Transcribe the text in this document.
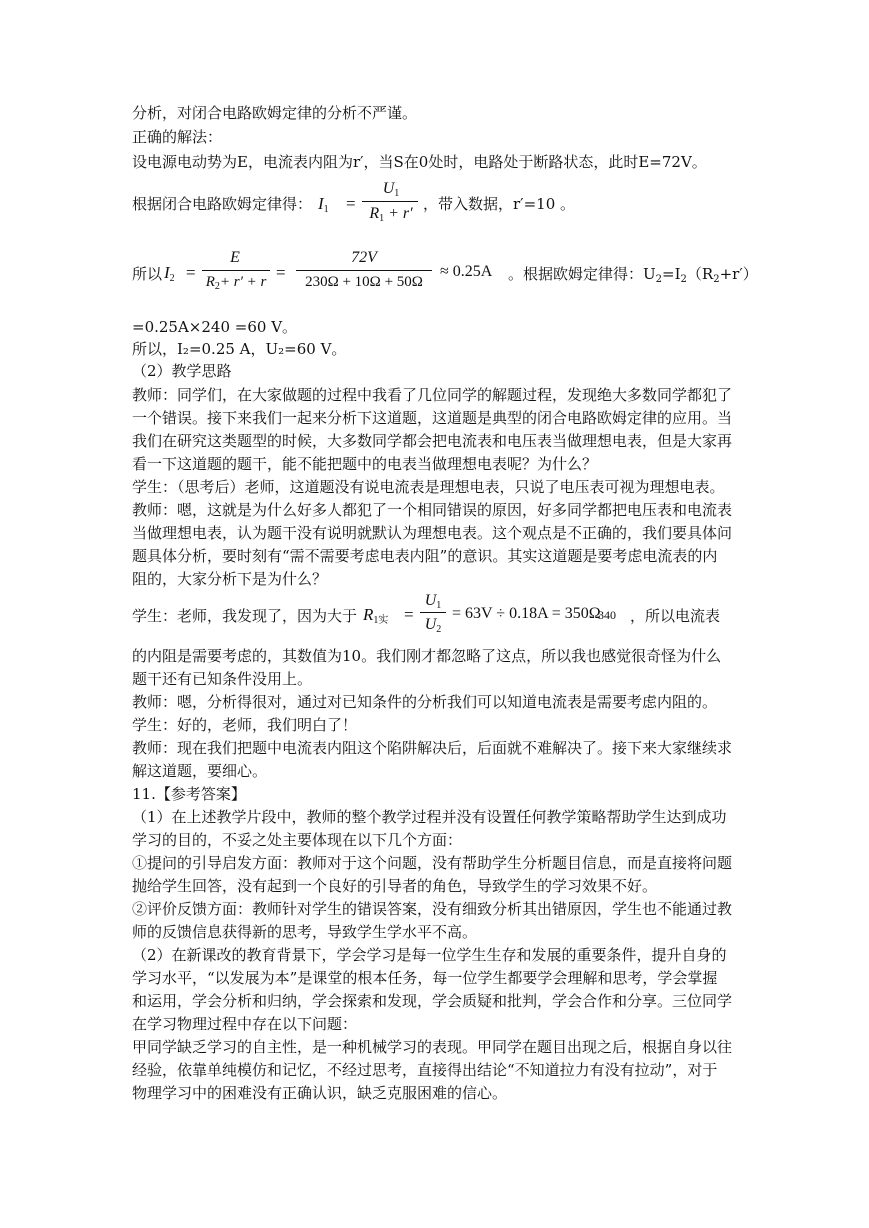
分析，对闭合电路欧姆定律的分析不严谨。
正确的解法：
设电源电动势为E，电流表内阻为r′，当S在0处时，电路处于断路状态，此时E=72V。
根据闭合电路欧姆定律得： $I_1$ =
$U_1$
$R_1 + r'$
，带入数据，r′=10 。
所以 $I_2$ =
E
$R_2+ r' + r$ =
72V
230Ω + 10Ω + 50Ω
≈ 0.25A 。根据欧姆定律得：$U_2=I_2(R_2+r')$
=0.25A×240 =60 V。
所以，I₂=0.25 A，U₂=60 V。
（2）教学思路
教师：同学们，在大家做题的过程中我看了几位同学的解题过程，发现绝大多数同学都犯了
一个错误。接下来我们一起来分析下这道题，这道题是典型的闭合电路欧姆定律的应用。当
我们在研究这类题型的时候，大多数同学都会把电流表和电压表当做理想电表，但是大家再
看一下这道题的题干，能不能把题中的电表当做理想电表呢？为什么？
学生：（思考后）老师，这道题没有说电流表是理想电表，只说了电压表可视为理想电表。
教师：嗯，这就是为什么好多人都犯了一个相同错误的原因，好多同学都把电压表和电流表
当做理想电表，认为题干没有说明就默认为理想电表。这个观点是不正确的，我们要具体问
题具体分析，要时刻有“需不需要考虑电表内阻”的意识。其实这道题是要考虑电流表的内
阻的，大家分析下是为什么？
学生：老师，我发现了，因为大于 $R_{1实}$ =
$U_1$
$U_2$
= 63V ÷ 0.18A = 350Ω
340 ，所以电流表
的内阻是需要考虑的，其数值为10。我们刚才都忽略了这点，所以我也感觉很奇怪为什么
题干还有已知条件没用上。
教师：嗯，分析得很对，通过对已知条件的分析我们可以知道电流表是需要考虑内阻的。
学生：好的，老师，我们明白了！
教师：现在我们把题中电流表内阻这个陷阱解决后，后面就不难解决了。接下来大家继续求
解这道题，要细心。
11.【参考答案】
（1）在上述教学片段中，教师的整个教学过程并没有设置任何教学策略帮助学生达到成功
学习的目的，不妥之处主要体现在以下几个方面：
①提问的引导启发方面：教师对于这个问题，没有帮助学生分析题目信息，而是直接将问题
抛给学生回答，没有起到一个良好的引导者的角色，导致学生的学习效果不好。
②评价反馈方面：教师针对学生的错误答案，没有细致分析其出错原因，学生也不能通过教
师的反馈信息获得新的思考，导致学生学水平不高。
（2）在新课改的教育背景下，学会学习是每一位学生生存和发展的重要条件，提升自身的
学习水平，“以发展为本”是课堂的根本任务，每一位学生都要学会理解和思考，学会掌握
和运用，学会分析和归纳，学会探索和发现，学会质疑和批判，学会合作和分享。三位同学
在学习物理过程中存在以下问题：
甲同学缺乏学习的自主性，是一种机械学习的表现。甲同学在题目出现之后，根据自身以往
经验，依靠单纯模仿和记忆，不经过思考，直接得出结论“不知道拉力有没有拉动”，对于
物理学习中的困难没有正确认识，缺乏克服困难的信心。
